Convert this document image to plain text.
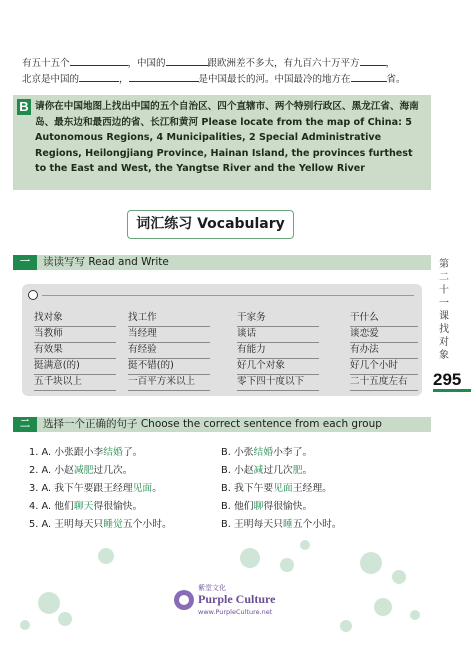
有五十五个	，中国的	跟欧洲差不多大，有九百六十万平方	，
北京是中国的	，	是中国最长的河。中国最冷的地方在	省。
B 请你在中国地图上找出中国的五个自治区、四个直辖市、两个特别行政区、黑龙江省、海南岛、最东边和最西边的省、长江和黄河 Please locate from the map of China: 5 Autonomous Regions, 4 Municipalities, 2 Special Administrative Regions, Heilongjiang Province, Hainan Island, the provinces furthest to the East and West, the Yangtse River and the Yellow River
词汇练习 Vocabulary
一	读读写写 Read and Write
找对象	找工作	干家务	干什么
当教师	当经理	谈话	谈恋爱
有效果	有经验	有能力	有办法
挺满意(的)	挺不错(的)	好几个对象	好几个小时
五千块以上	一百平方米以上	零下四十度以下	二十五度左右
二	选择一个正确的句子 Choose the correct sentence from each group
1. A. 小张跟小李结婚了。	B. 小张结婚小李了。
2. A. 小赵减肥过几次。	B. 小赵减过几次肥。
3. A. 我下午要跟王经理见面。	B. 我下午要见面王经理。
4. A. 他们聊天得很愉快。	B. 他们聊得很愉快。
5. A. 王明每天只睡觉五个小时。	B. 王明每天只睡五个小时。
第二十一课 找对象
295
紫堂文化
Purple Culture
www.PurpleCulture.net
